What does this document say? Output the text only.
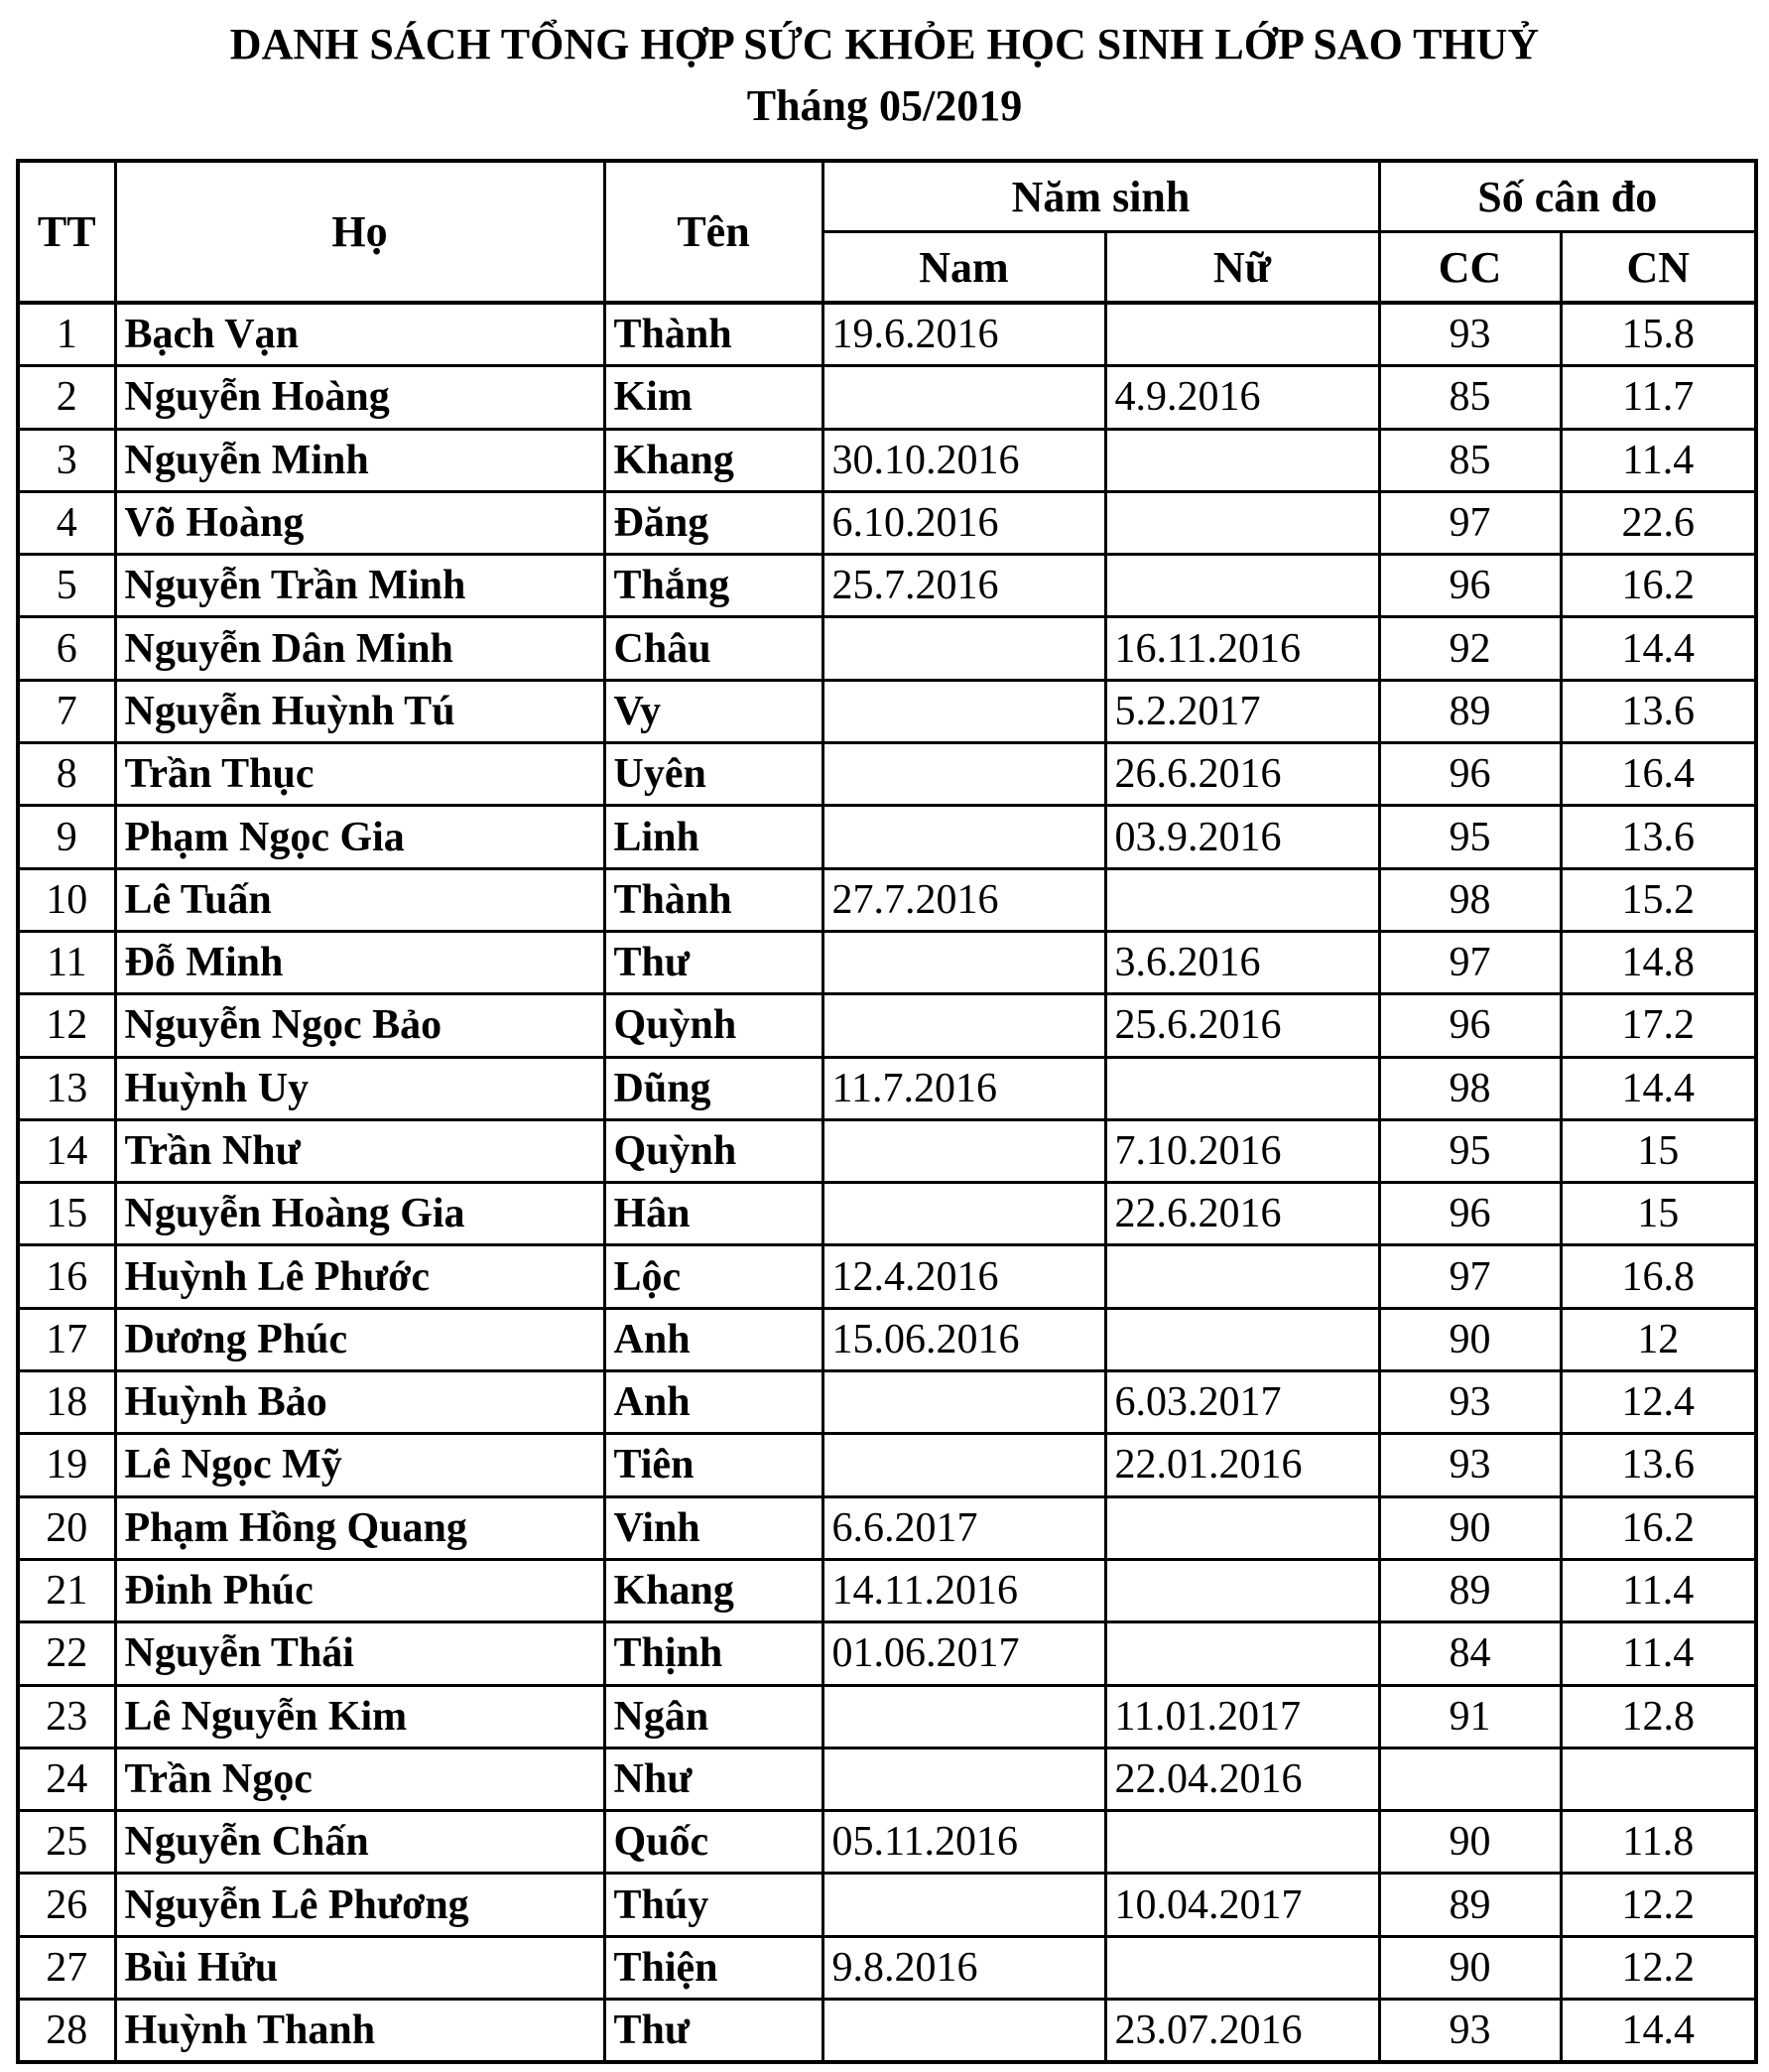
DANH SÁCH TỔNG HỢP SỨC KHỎE HỌC SINH LỚP SAO THUỶ
Tháng 05/2019
TT	Họ	Tên	Năm sinh		Số cân đo	
			Nam	Nữ	CC	CN
1	Bạch Vạn	Thành	19.6.2016		93	15.8
2	Nguyễn Hoàng	Kim		4.9.2016	85	11.7
3	Nguyễn Minh	Khang	30.10.2016		85	11.4
4	Võ Hoàng	Đăng	6.10.2016		97	22.6
5	Nguyễn Trần Minh	Thắng	25.7.2016		96	16.2
6	Nguyễn Dân Minh	Châu		16.11.2016	92	14.4
7	Nguyễn Huỳnh Tú	Vy		5.2.2017	89	13.6
8	Trần Thục	Uyên		26.6.2016	96	16.4
9	Phạm Ngọc Gia	Linh		03.9.2016	95	13.6
10	Lê Tuấn	Thành	27.7.2016		98	15.2
11	Đỗ Minh	Thư		3.6.2016	97	14.8
12	Nguyễn Ngọc Bảo	Quỳnh		25.6.2016	96	17.2
13	Huỳnh Uy	Dũng	11.7.2016		98	14.4
14	Trần Như	Quỳnh		7.10.2016	95	15
15	Nguyễn Hoàng Gia	Hân		22.6.2016	96	15
16	Huỳnh Lê Phước	Lộc	12.4.2016		97	16.8
17	Dương Phúc	Anh	15.06.2016		90	12
18	Huỳnh Bảo	Anh		6.03.2017	93	12.4
19	Lê Ngọc Mỹ	Tiên		22.01.2016	93	13.6
20	Phạm Hồng Quang	Vinh	6.6.2017		90	16.2
21	Đinh Phúc	Khang	14.11.2016		89	11.4
22	Nguyễn Thái	Thịnh	01.06.2017		84	11.4
23	Lê Nguyễn Kim	Ngân		11.01.2017	91	12.8
24	Trần Ngọc	Như		22.04.2016		
25	Nguyễn Chấn	Quốc	05.11.2016		90	11.8
26	Nguyễn Lê Phương	Thúy		10.04.2017	89	12.2
27	Bùi Hửu	Thiện	9.8.2016		90	12.2
28	Huỳnh Thanh	Thư		23.07.2016	93	14.4
